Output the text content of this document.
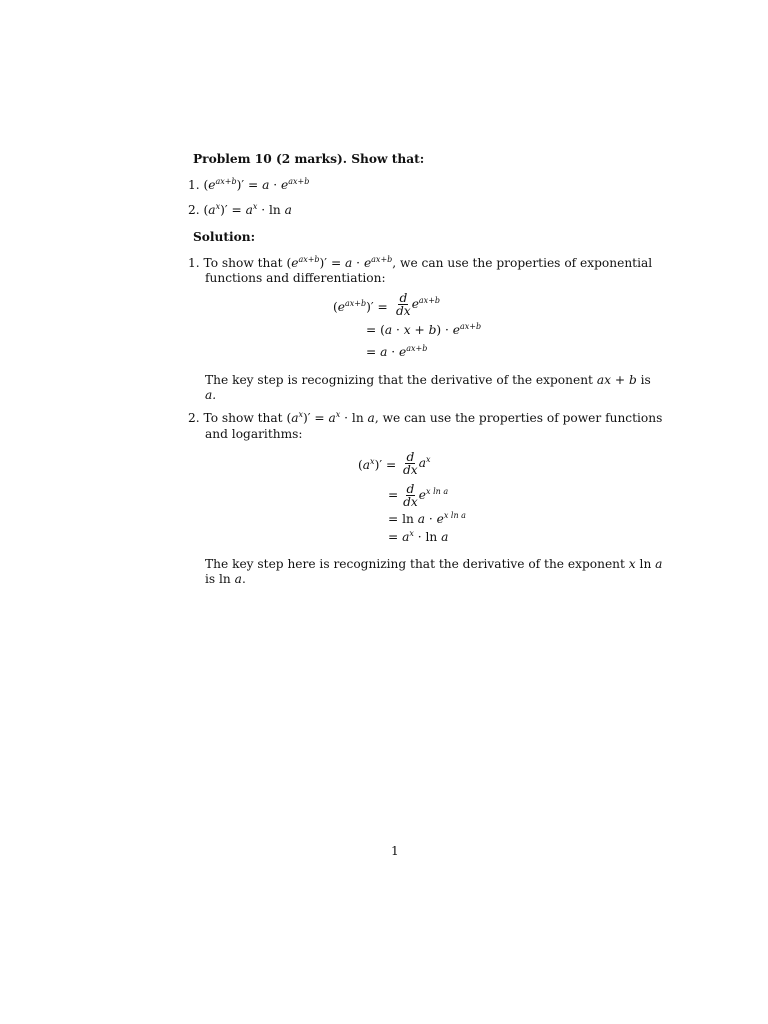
Problem 10 (2 marks). Show that:
1. $(e^{ax+b})' = a \cdot e^{ax+b}$
2. $(a^x)' = a^x \cdot \ln a$
Solution:
1. To show that $(e^{ax+b})' = a \cdot e^{ax+b}$, we can use the properties of exponential
functions and differentiation:
$(e^{ax+b})' = \frac{d}{dx} e^{ax+b}$
= $(a \cdot x + b) \cdot e^{ax+b}$
= $a \cdot e^{ax+b}$
The key step is recognizing that the derivative of the exponent ax + b is
a.
2. To show that $(a^x)' = a^x \cdot \ln a$, we can use the properties of power functions
and logarithms:
$(a^x)' = \frac{d}{dx} a^x$
= $\frac{d}{dx} e^{x ln a}$
= $\ln a \cdot e^{x ln a}$
= $a^x \cdot \ln a$
The key step here is recognizing that the derivative of the exponent x ln a
is ln a.
1
